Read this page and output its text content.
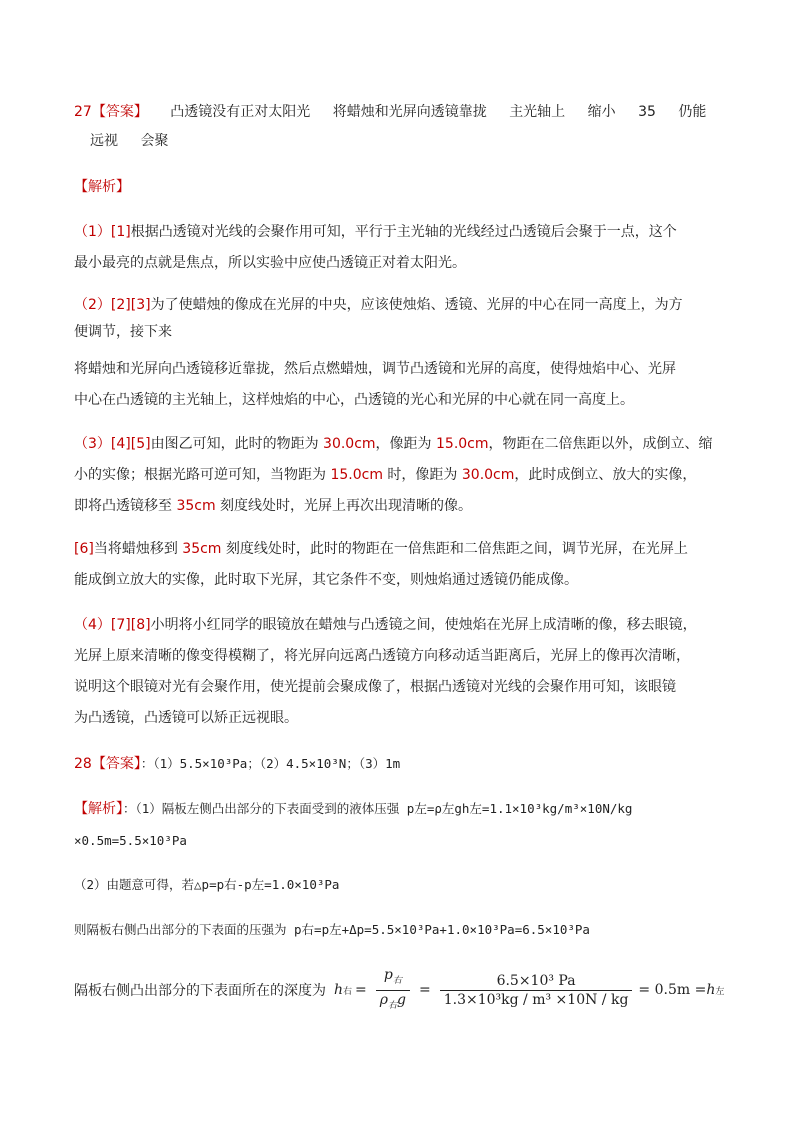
27【答案】 凸透镜没有正对太阳光 将蜡烛和光屏向透镜靠拢 主光轴上 缩小 35 仍能
远视 会聚
【解析】
（1）[1]根据凸透镜对光线的会聚作用可知，平行于主光轴的光线经过凸透镜后会聚于一点，这个
最小最亮的点就是焦点，所以实验中应使凸透镜正对着太阳光。
（2）[2][3]为了使蜡烛的像成在光屏的中央，应该使烛焰、透镜、光屏的中心在同一高度上，为方
便调节，接下来
将蜡烛和光屏向凸透镜移近靠拢，然后点燃蜡烛，调节凸透镜和光屏的高度，使得烛焰中心、光屏
中心在凸透镜的主光轴上，这样烛焰的中心，凸透镜的光心和光屏的中心就在同一高度上。
（3）[4][5]由图乙可知，此时的物距为 30.0cm，像距为 15.0cm，物距在二倍焦距以外，成倒立、缩
小的实像；根据光路可逆可知，当物距为 15.0cm 时，像距为 30.0cm，此时成倒立、放大的实像，
即将凸透镜移至 35cm 刻度线处时，光屏上再次出现清晰的像。
[6]当将蜡烛移到 35cm 刻度线处时，此时的物距在一倍焦距和二倍焦距之间，调节光屏，在光屏上
能成倒立放大的实像，此时取下光屏，其它条件不变，则烛焰通过透镜仍能成像。
（4）[7][8]小明将小红同学的眼镜放在蜡烛与凸透镜之间，使烛焰在光屏上成清晰的像，移去眼镜，
光屏上原来清晰的像变得模糊了，将光屏向远离凸透镜方向移动适当距离后，光屏上的像再次清晰，
说明这个眼镜对光有会聚作用，使光提前会聚成像了，根据凸透镜对光线的会聚作用可知，该眼镜
为凸透镜，凸透镜可以矫正远视眼。
28【答案】：（1）5.5×10³Pa；（2）4.5×10³N；（3）1m
【解析】：（1）隔板左侧凸出部分的下表面受到的液体压强 p左=ρ左gh左=1.1×10³kg/m³×10N/kg
×0.5m=5.5×10³Pa
（2）由题意可得，若△p=p右-p左=1.0×10³Pa
则隔板右侧凸出部分的下表面的压强为 p右=p左+Δp=5.5×10³Pa+1.0×10³Pa=6.5×10³Pa
隔板右侧凸出部分的下表面所在的深度为 h 右 = $\frac{p_右}{\rho_右g} = \frac{\text{6.5×10³ Pa}}{\text{1.3×10³kg / m³ ×10N / kg}} = 0.5m = h$ 左
